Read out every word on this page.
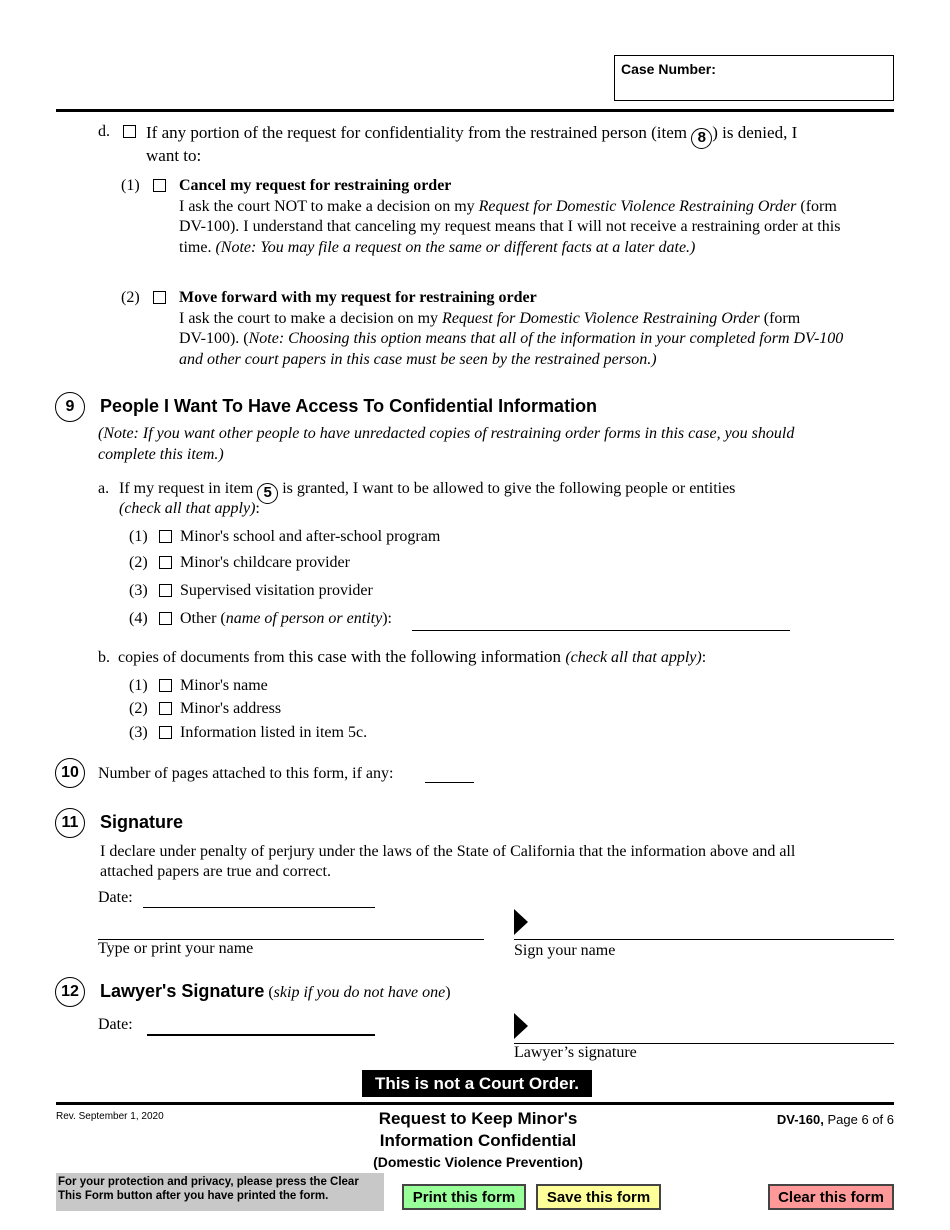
Case Number:
d. If any portion of the request for confidentiality from the restrained person (item 8 ) is denied, I
want to:
(1) Cancel my request for restraining order
I ask the court NOT to make a decision on my Request for Domestic Violence Restraining Order (form
DV-100). I understand that canceling my request means that I will not receive a restraining order at this
time. (Note: You may file a request on the same or different facts at a later date.)
(2) Move forward with my request for restraining order
I ask the court to make a decision on my Request for Domestic Violence Restraining Order (form
DV-100). (Note: Choosing this option means that all of the information in your completed form DV-100
and other court papers in this case must be seen by the restrained person.)
9 People I Want To Have Access To Confidential Information
(Note: If you want other people to have unredacted copies of restraining order forms in this case, you should
complete this item.)
a. If my request in item 5 is granted, I want to be allowed to give the following people or entities
(check all that apply):
(1) Minor's school and after-school program
(2) Minor's childcare provider
(3) Supervised visitation provider
(4) Other (name of person or entity):
b. copies of documents from this case with the following information (check all that apply):
(1) Minor's name
(2) Minor's address
(3) Information listed in item 5c.
10 Number of pages attached to this form, if any:
11 Signature
I declare under penalty of perjury under the laws of the State of California that the information above and all
attached papers are true and correct.
Date:
Type or print your name	Sign your name
12 Lawyer's Signature (skip if you do not have one)
Date:
Lawyer’s signature
This is not a Court Order.
Rev. September 1, 2020	Request to Keep Minor's
Information Confidential
(Domestic Violence Prevention)
DV-160, Page 6 of 6
For your protection and privacy, please press the Clear
This Form button after you have printed the form.	Print this form Save this form	Clear this form
